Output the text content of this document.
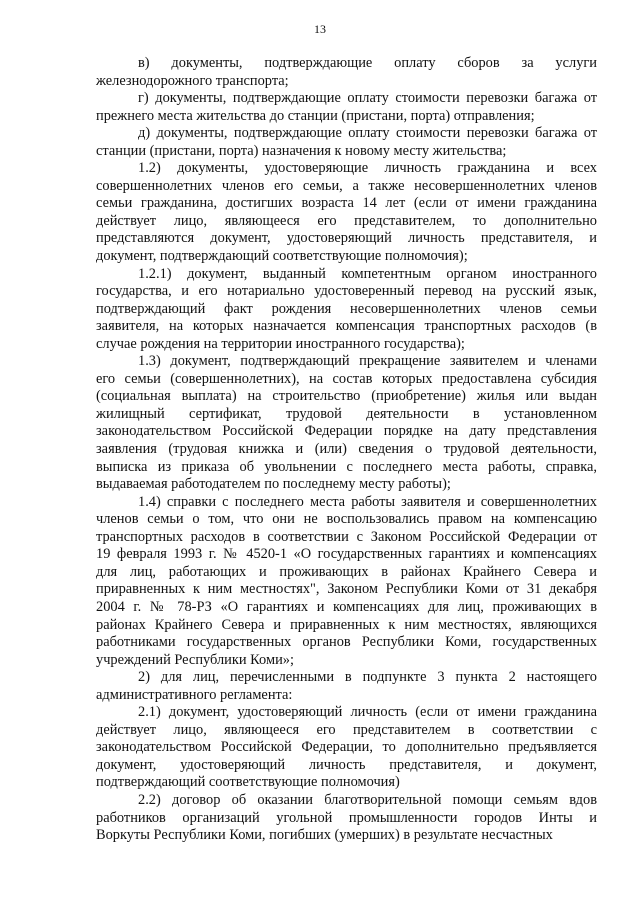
13

в) документы, подтверждающие оплату сборов за услуги
железнодорожного транспорта;

г) документы, подтверждающие оплату стоимости перевозки багажа от
прежнего места жительства до станции (пристани, порта) отправления;

д) документы, подтверждающие оплату стоимости перевозки багажа от
станции (пристани, порта) назначения к новому месту жительства;

1.2) документы, удостоверяющие личность гражданина и всех
совершеннолетних членов его семьи, а также несовершеннолетних членов
семьи гражданина, достигших возраста 14 лет (если от имени гражданина
действует лицо, являющееся его представителем, то дополнительно
представляются документ, удостоверяющий личность представителя, и
документ, подтверждающий соответствующие полномочия);

1.2.1) документ, выданный компетентным органом иностранного
государства, и его нотариально удостоверенный перевод на русский язык,
подтверждающий факт рождения несовершеннолетних членов семьи
заявителя, на которых назначается компенсация транспортных расходов (в
случае рождения на территории иностранного государства);

1.3) документ, подтверждающий прекращение заявителем и членами
его семьи (совершеннолетних), на состав которых предоставлена субсидия
(социальная выплата) на строительство (приобретение) жилья или выдан
жилищный сертификат, трудовой деятельности в установленном
законодательством Российской Федерации порядке на дату представления
заявления (трудовая книжка и (или) сведения о трудовой деятельности,
выписка из приказа об увольнении с последнего места работы, справка,
выдаваемая работодателем по последнему месту работы);

1.4) справки с последнего места работы заявителя и совершеннолетних
членов семьи о том, что они не воспользовались правом на компенсацию
транспортных расходов в соответствии с Законом Российской Федерации от
19 февраля 1993 г. № 4520-1 «О государственных гарантиях и компенсациях
для лиц, работающих и проживающих в районах Крайнего Севера и
приравненных к ним местностях", Законом Республики Коми от 31 декабря
2004 г. № 78-РЗ «О гарантиях и компенсациях для лиц, проживающих в
районах Крайнего Севера и приравненных к ним местностях, являющихся
работниками государственных органов Республики Коми, государственных
учреждений Республики Коми»;

2) для лиц, перечисленными в подпункте 3 пункта 2 настоящего
административного регламента:

2.1) документ, удостоверяющий личность (если от имени гражданина
действует лицо, являющееся его представителем в соответствии с
законодательством Российской Федерации, то дополнительно предъявляется
документ, удостоверяющий личность представителя, и документ,
подтверждающий соответствующие полномочия)

2.2) договор об оказании благотворительной помощи семьям вдов
работников организаций угольной промышленности городов Инты и
Воркуты Республики Коми, погибших (умерших) в результате несчастных
